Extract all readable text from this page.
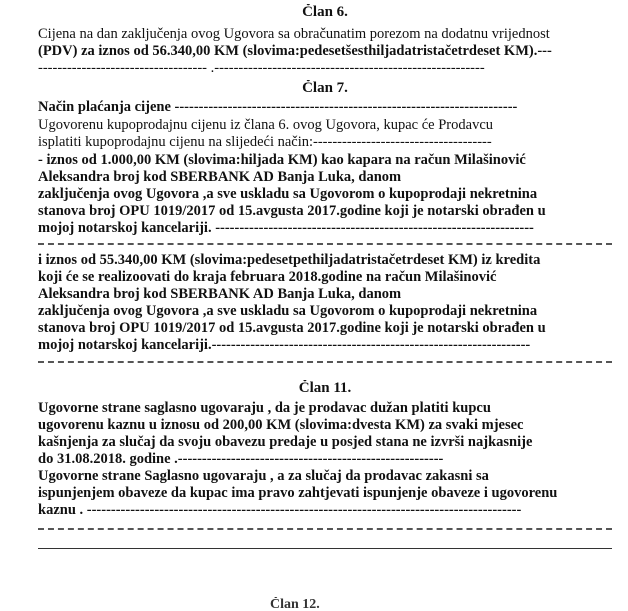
Član 6.
Cijena na dan zaključenja ovog Ugovora sa obračunatim porezom na dodatnu vrijednost
(PDV) za iznos od 56.340,00 KM (slovima:pedesetšesthiljadatristačetrdeset KM).---
----------------------------------- .--------------------------------------------------------
Član 7.
Način plaćanja cijene -----------------------------------------------------------------------
Ugovorenu kupoprodajnu cijenu iz člana 6. ovog Ugovora, kupac će Prodavcu
isplatiti kupoprodajnu cijenu na slijedeći način:-------------------------------------
- iznos od 1.000,00 KM (slovima:hiljada KM) kao kapara na račun Milašinović
Aleksandra broj kod SBERBANK AD Banja Luka, danom
zaključenja ovog Ugovora ,a sve uskladu sa Ugovorom o kupoprodaji nekretnina
stanova broj OPU 1019/2017 od 15.avgusta 2017.godine koji je notarski obrađen u
mojoj notarskoj kancelariji. ------------------------------------------------------------------
i iznos od 55.340,00 KM (slovima:pedesetpethiljadatristačetrdeset KM) iz kredita
koji će se realizoovati do kraja februara 2018.godine na račun Milašinović
Aleksandra broj kod SBERBANK AD Banja Luka, danom
zaključenja ovog Ugovora ,a sve uskladu sa Ugovorom o kupoprodaji nekretnina
stanova broj OPU 1019/2017 od 15.avgusta 2017.godine koji je notarski obrađen u
mojoj notarskoj kancelariji.------------------------------------------------------------------
Član 11.
Ugovorne strane saglasno ugovaraju , da je prodavac dužan platiti kupcu
ugovorenu kaznu u iznosu od 200,00 KM (slovima:dvesta KM) za svaki mjesec
kašnjenja za slučaj da svoju obavezu predaje u posjed stana ne izvrši najkasnije
do 31.08.2018. godine .-------------------------------------------------------
Ugovorne strane Saglasno ugovaraju , a za slučaj da prodavac zakasni sa
ispunjenjem obaveze da kupac ima pravo zahtjevati ispunjenje obaveze i ugovorenu
kaznu . ------------------------------------------------------------------------------------------
Član 12.
